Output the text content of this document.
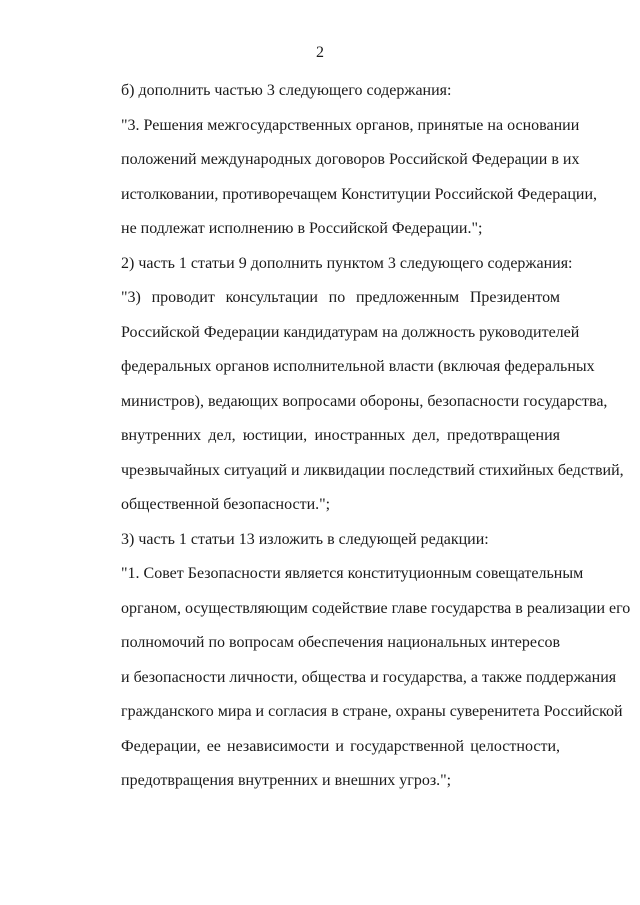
2
б) дополнить частью 3 следующего содержания:
"3. Решения межгосударственных органов, принятые на основании
положений международных договоров Российской Федерации в их
истолковании, противоречащем Конституции Российской Федерации,
не подлежат исполнению в Российской Федерации.";
2) часть 1 статьи 9 дополнить пунктом 3 следующего содержания:
"3) проводит консультации по предложенным Президентом
Российской Федерации кандидатурам на должность руководителей
федеральных органов исполнительной власти (включая федеральных
министров), ведающих вопросами обороны, безопасности государства,
внутренних дел, юстиции, иностранных дел, предотвращения
чрезвычайных ситуаций и ликвидации последствий стихийных бедствий,
общественной безопасности.";
3) часть 1 статьи 13 изложить в следующей редакции:
"1. Совет Безопасности является конституционным совещательным
органом, осуществляющим содействие главе государства в реализации его
полномочий по вопросам обеспечения национальных интересов
и безопасности личности, общества и государства, а также поддержания
гражданского мира и согласия в стране, охраны суверенитета Российской
Федерации, ее независимости и государственной целостности,
предотвращения внутренних и внешних угроз.";
